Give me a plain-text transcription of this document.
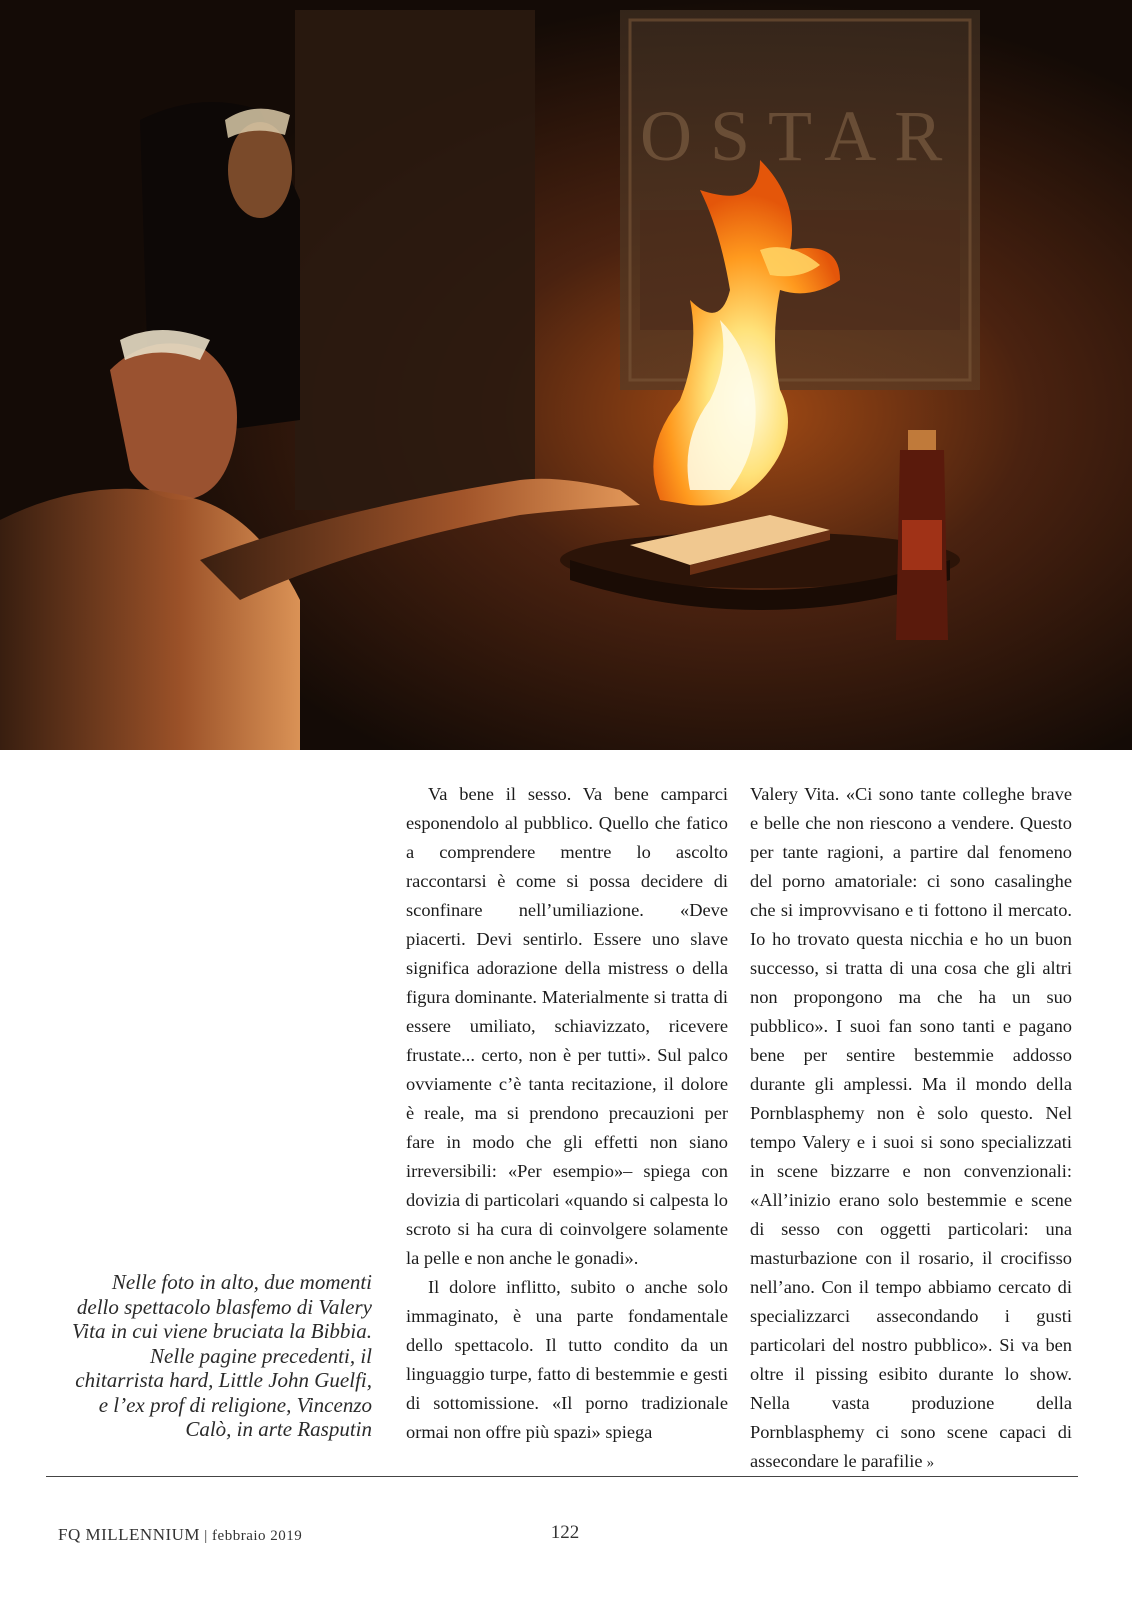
OSTAR
Nelle foto in alto, due momenti
dello spettacolo blasfemo di Valery
Vita in cui viene bruciata la Bibbia.
Nelle pagine precedenti, il
chitarrista hard, Little John Guelfi,
e l’ex prof di religione, Vincenzo
Calò, in arte Rasputin

Va bene il sesso. Va bene camparci esponendolo al pubblico. Quello che fatico a comprendere mentre lo ascolto raccontarsi è come si possa decidere di sconfinare nell’umiliazione. «Deve piacerti. Devi sentirlo. Essere uno slave significa adorazione della mistress o della figura dominante. Materialmente si tratta di essere umiliato, schiavizzato, ricevere frustate... certo, non è per tutti». Sul palco ovviamente c’è tanta recitazione, il dolore è reale, ma si prendono precauzioni per fare in modo che gli effetti non siano irreversibili: «Per esempio»– spiega con dovizia di particolari «quando si calpesta lo scroto si ha cura di coinvolgere solamente la pelle e non anche le gonadi».

Il dolore inflitto, subito o anche solo immaginato, è una parte fondamentale dello spettacolo. Il tutto condito da un linguaggio turpe, fatto di bestemmie e gesti di sottomissione. «Il porno tradizionale ormai non offre più spazi» spiega

Valery Vita. «Ci sono tante colleghe brave e belle che non riescono a vendere. Questo per tante ragioni, a partire dal fenomeno del porno amatoriale: ci sono casalinghe che si improvvisano e ti fottono il mercato. Io ho trovato questa nicchia e ho un buon successo, si tratta di una cosa che gli altri non propongono ma che ha un suo pubblico». I suoi fan sono tanti e pagano bene per sentire bestemmie addosso durante gli amplessi. Ma il mondo della Pornblasphemy non è solo questo. Nel tempo Valery e i suoi si sono specializzati in scene bizzarre e non convenzionali: «All’inizio erano solo bestemmie e scene di sesso con oggetti particolari: una masturbazione con il rosario, il crocifisso nell’ano. Con il tempo abbiamo cercato di specializzarci assecondando i gusti particolari del nostro pubblico». Si va ben oltre il pissing esibito durante lo show. Nella vasta produzione della Pornblasphemy ci sono scene capaci di assecondare le parafilie »

FQ MILLENNIUM | febbraio 2019	122
